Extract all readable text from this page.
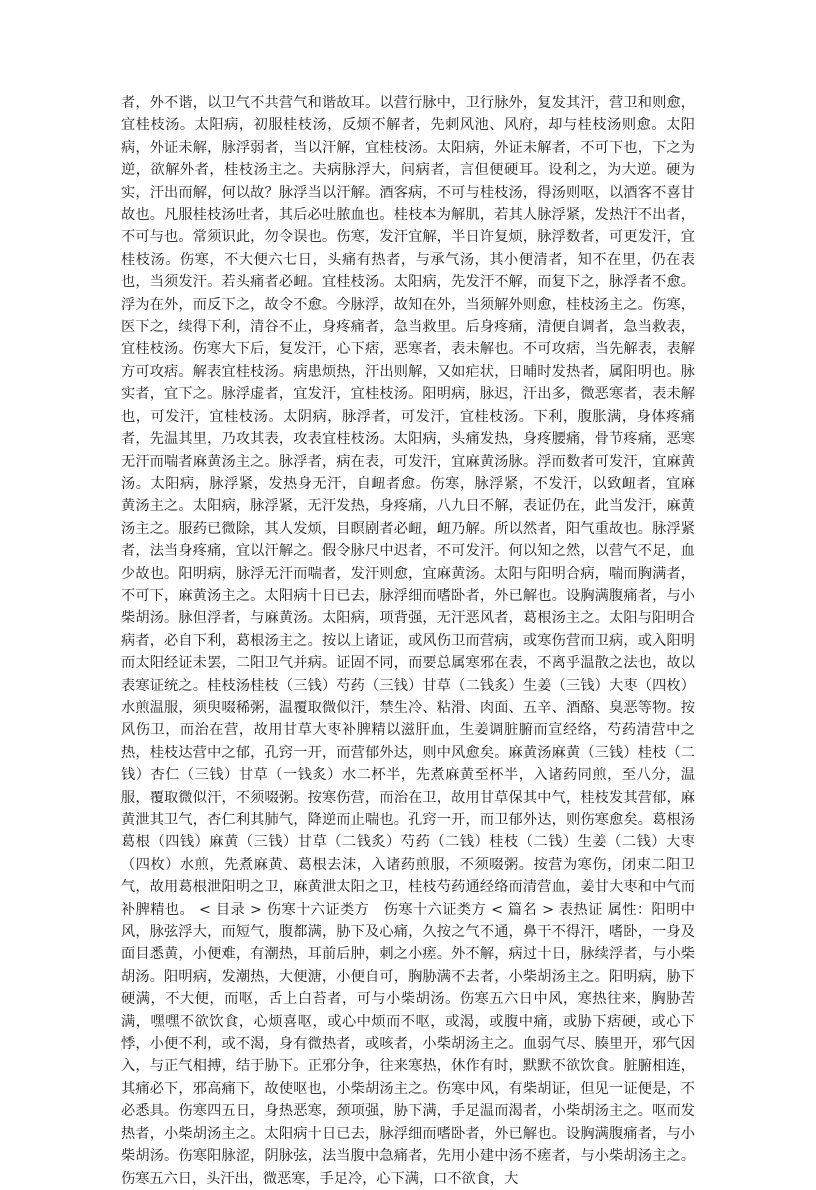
者，外不谐，以卫气不共营气和谐故耳。以营行脉中，卫行脉外，复发其汗，营卫和则愈，宜桂枝汤。太阳病，初服桂枝汤，反烦不解者，先刺风池、风府，却与桂枝汤则愈。太阳病，外证未解，脉浮弱者，当以汗解，宜桂枝汤。太阳病，外证未解者，不可下也，下之为逆，欲解外者，桂枝汤主之。夫病脉浮大，问病者，言但便硬耳。设利之，为大逆。硬为实，汗出而解，何以故？脉浮当以汗解。酒客病，不可与桂枝汤，得汤则呕，以酒客不喜甘故也。凡服桂枝汤吐者，其后必吐脓血也。桂枝本为解肌，若其人脉浮紧，发热汗不出者，不可与也。常须识此，勿令误也。伤寒，发汗宜解，半日许复烦，脉浮数者，可更发汗，宜桂枝汤。伤寒，不大便六七日，头痛有热者，与承气汤，其小便清者，知不在里，仍在表也，当须发汗。若头痛者必衄。宜桂枝汤。太阳病，先发汗不解，而复下之，脉浮者不愈。浮为在外，而反下之，故令不愈。今脉浮，故知在外，当须解外则愈，桂枝汤主之。伤寒，医下之，续得下利，清谷不止，身疼痛者，急当救里。后身疼痛，清便自调者，急当救表，宜桂枝汤。伤寒大下后，复发汗，心下痞，恶寒者，表未解也。不可攻痞，当先解表，表解方可攻痞。解表宜桂枝汤。病患烦热，汗出则解，又如疟状，日晡时发热者，属阳明也。脉实者，宜下之。脉浮虚者，宜发汗，宜桂枝汤。阳明病，脉迟，汗出多，微恶寒者，表未解也，可发汗，宜桂枝汤。太阴病，脉浮者，可发汗，宜桂枝汤。下利，腹胀满，身体疼痛者，先温其里，乃攻其表，攻表宜桂枝汤。太阳病，头痛发热，身疼腰痛，骨节疼痛，恶寒无汗而喘者麻黄汤主之。脉浮者，病在表，可发汗，宜麻黄汤脉。浮而数者可发汗，宜麻黄汤。太阳病，脉浮紧，发热身无汗，自衄者愈。伤寒，脉浮紧，不发汗，以致衄者，宜麻　黄汤主之。太阳病，脉浮紧，无汗发热，身疼痛，八九日不解，表证仍在，此当发汗，麻黄汤主之。服药已微除，其人发烦，目瞑剧者必衄，衄乃解。所以然者，阳气重故也。脉浮紧者，法当身疼痛，宜以汗解之。假令脉尺中迟者，不可发汗。何以知之然，以营气不足，血少故也。阳明病，脉浮无汗而喘者，发汗则愈，宜麻黄汤。太阳与阳明合病，喘而胸满者，不可下，麻黄汤主之。太阳病十日已去，脉浮细而嗜卧者，外已解也。设胸满腹痛者，与小柴胡汤。脉但浮者，与麻黄汤。太阳病，项背强，无汗恶风者，葛根汤主之。太阳与阳明合病者，必自下利，葛根汤主之。按以上诸证，或风伤卫而营病，或寒伤营而卫病，或入阳明而太阳经证未罢，二阳卫气并病。证固不同，而要总属寒邪在表，不离乎温散之法也，故以表寒证统之。桂枝汤桂枝（三钱）芍药（三钱）甘草（二钱炙）生姜（三钱）大枣（四枚）水煎温服，须臾啜稀粥，温覆取微似汗，禁生冷、粘滑、肉面、五辛、酒酪、臭恶等物。按风伤卫，而治在营，故用甘草大枣补脾精以滋肝血，生姜调脏腑而宣经络，芍药清营中之热，桂枝达营中之郁，孔窍一开，而营郁外达，则中风愈矣。麻黄汤麻黄（三钱）桂枝（二钱）杏仁（三钱）甘草（一钱炙）水二杯半，先煮麻黄至杯半，入诸药同煎，至八分，温服，覆取微似汗，不须啜粥。按寒伤营，而治在卫，故用甘草保其中气，桂枝发其营郁，麻黄泄其卫气，杏仁利其肺气，降逆而止喘也。孔窍一开，而卫郁外达，则伤寒愈矣。葛根汤葛根（四钱）麻黄（三钱）甘草（二钱炙）芍药（二钱）桂枝（二钱）生姜（二钱）大枣（四枚）水煎，先煮麻黄、葛根去沫，入诸药煎服，不须啜粥。按营为寒伤，闭束二阳卫气，故用葛根泄阳明之卫，麻黄泄太阳之卫，桂枝芍药通经络而清营血，姜甘大枣和中气而补脾精也。 < 目录 > 伤寒十六证类方　伤寒十六证类方 < 篇名 > 表热证 属性：阳明中风，脉弦浮大，而短气，腹都满，胁下及心痛，久按之气不通，鼻干不得汗，嗜卧，一身及面目悉黄，小便难，有潮热，耳前后肿，刺之小瘥。外不解，病过十日，脉续浮者，与小柴胡汤。阳明病，发潮热，大便溏，小便自可，胸胁满不去者，小柴胡汤主之。阳明病，胁下硬满，不大便，而呕，舌上白苔者，可与小柴胡汤。伤寒五六日中风，寒热往来，胸胁苦满，嘿嘿不欲饮食，心烦喜呕，或心中烦而不呕，或渴，或腹中痛，或胁下痞硬，或心下悸，小便不利，或不渴，身有微热者，或咳者，小柴胡汤主之。血弱气尽、腠里开，邪气因入，与正气相搏，结于胁下。正邪分争，往来寒热，休作有时，默默不欲饮食。脏腑相连，其痛必下，邪高痛下，故使呕也，小柴胡汤主之。伤寒中风，有柴胡证，但见一证便是，不必悉具。伤寒四五日，身热恶寒，颈项强，胁下满，手足温而渴者，小柴胡汤主之。呕而发热者，小柴胡汤主之。太阳病十日已去，脉浮细而嗜卧者，外已解也。设胸满腹痛者，与小柴胡汤。伤寒阳脉涩，阴脉弦，法当腹中急痛者，先用小建中汤不瘥者，与小柴胡汤主之。伤寒五六日，头汗出，微恶寒，手足冷，心下满，口不欲食，大
